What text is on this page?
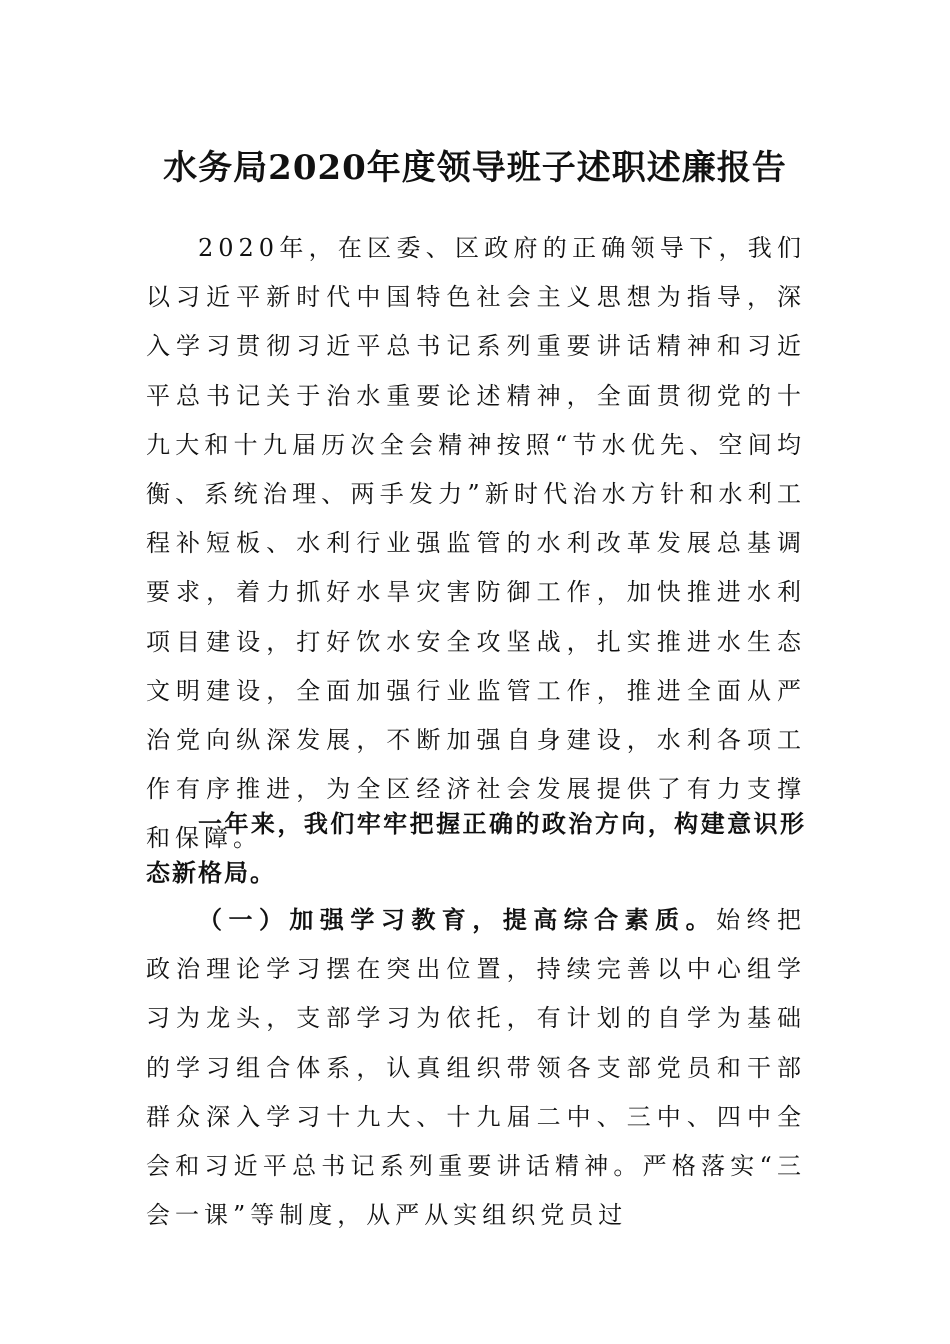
水务局2020年度领导班子述职述廉报告

2020年，在区委、区政府的正确领导下，我们以习近平新时代中国特色社会主义思想为指导，深入学习贯彻习近平总书记系列重要讲话精神和习近平总书记关于治水重要论述精神，全面贯彻党的十九大和十九届历次全会精神按照“节水优先、空间均衡、系统治理、两手发力”新时代治水方针和水利工程补短板、水利行业强监管的水利改革发展总基调要求，着力抓好水旱灾害防御工作，加快推进水利项目建设，打好饮水安全攻坚战，扎实推进水生态文明建设，全面加强行业监管工作，推进全面从严治党向纵深发展，不断加强自身建设，水利各项工作有序推进，为全区经济社会发展提供了有力支撑和保障。

一年来，我们牢牢把握正确的政治方向，构建意识形态新格局。

（一）加强学习教育，提高综合素质。始终把政治理论学习摆在突出位置，持续完善以中心组学习为龙头，支部学习为依托，有计划的自学为基础的学习组合体系，认真组织带领各支部党员和干部群众深入学习十九大、十九届二中、三中、四中全会和习近平总书记系列重要讲话精神。严格落实“三会一课”等制度，从严从实组织党员过
